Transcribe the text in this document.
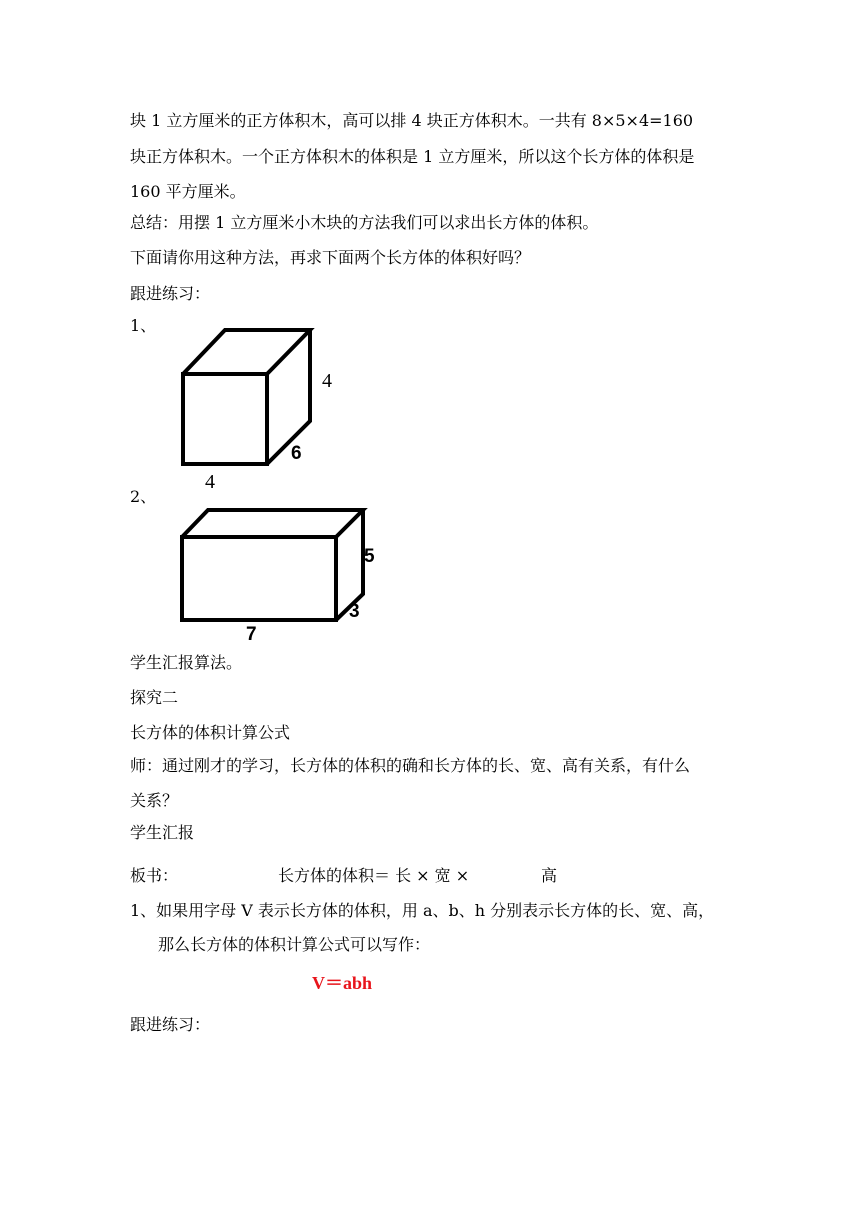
块 1 立方厘米的正方体积木，高可以排 4 块正方体积木。一共有 8×5×4=160
块正方体积木。一个正方体积木的体积是 1 立方厘米，所以这个长方体的体积是
160 平方厘米。
总结：用摆 1 立方厘米小木块的方法我们可以求出长方体的体积。
下面请你用这种方法，再求下面两个长方体的体积好吗？
跟进练习：
1、
4
6
4
2、
5
3
7
学生汇报算法。
探究二
长方体的体积计算公式
师：通过刚才的学习，长方体的体积的确和长方体的长、宽、高有关系，有什么
关系？
学生汇报
板书：	长方体的体积＝ 长 × 宽 ×	高
1、如果用字母 V 表示长方体的体积，用 a、b、h 分别表示长方体的长、宽、高，
那么长方体的体积计算公式可以写作：
V＝abh
跟进练习：
